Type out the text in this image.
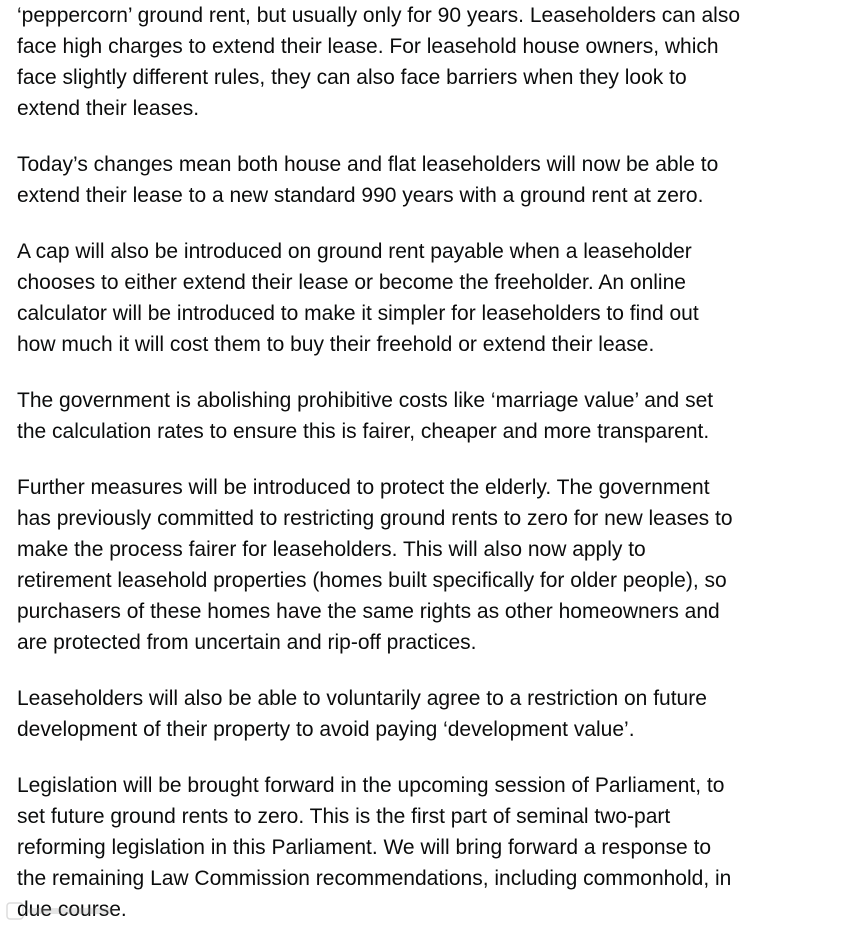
‘peppercorn’ ground rent, but usually only for 90 years. Leaseholders can also
face high charges to extend their lease. For leasehold house owners, which
face slightly different rules, they can also face barriers when they look to
extend their leases.

Today’s changes mean both house and flat leaseholders will now be able to
extend their lease to a new standard 990 years with a ground rent at zero.

A cap will also be introduced on ground rent payable when a leaseholder
chooses to either extend their lease or become the freeholder. An online
calculator will be introduced to make it simpler for leaseholders to find out
how much it will cost them to buy their freehold or extend their lease.

The government is abolishing prohibitive costs like ‘marriage value’ and set
the calculation rates to ensure this is fairer, cheaper and more transparent.

Further measures will be introduced to protect the elderly. The government
has previously committed to restricting ground rents to zero for new leases to
make the process fairer for leaseholders. This will also now apply to
retirement leasehold properties (homes built specifically for older people), so
purchasers of these homes have the same rights as other homeowners and
are protected from uncertain and rip-off practices.

Leaseholders will also be able to voluntarily agree to a restriction on future
development of their property to avoid paying ‘development value’.

Legislation will be brought forward in the upcoming session of Parliament, to
set future ground rents to zero. This is the first part of seminal two-part
reforming legislation in this Parliament. We will bring forward a response to
the remaining Law Commission recommendations, including commonhold, in
due course.
